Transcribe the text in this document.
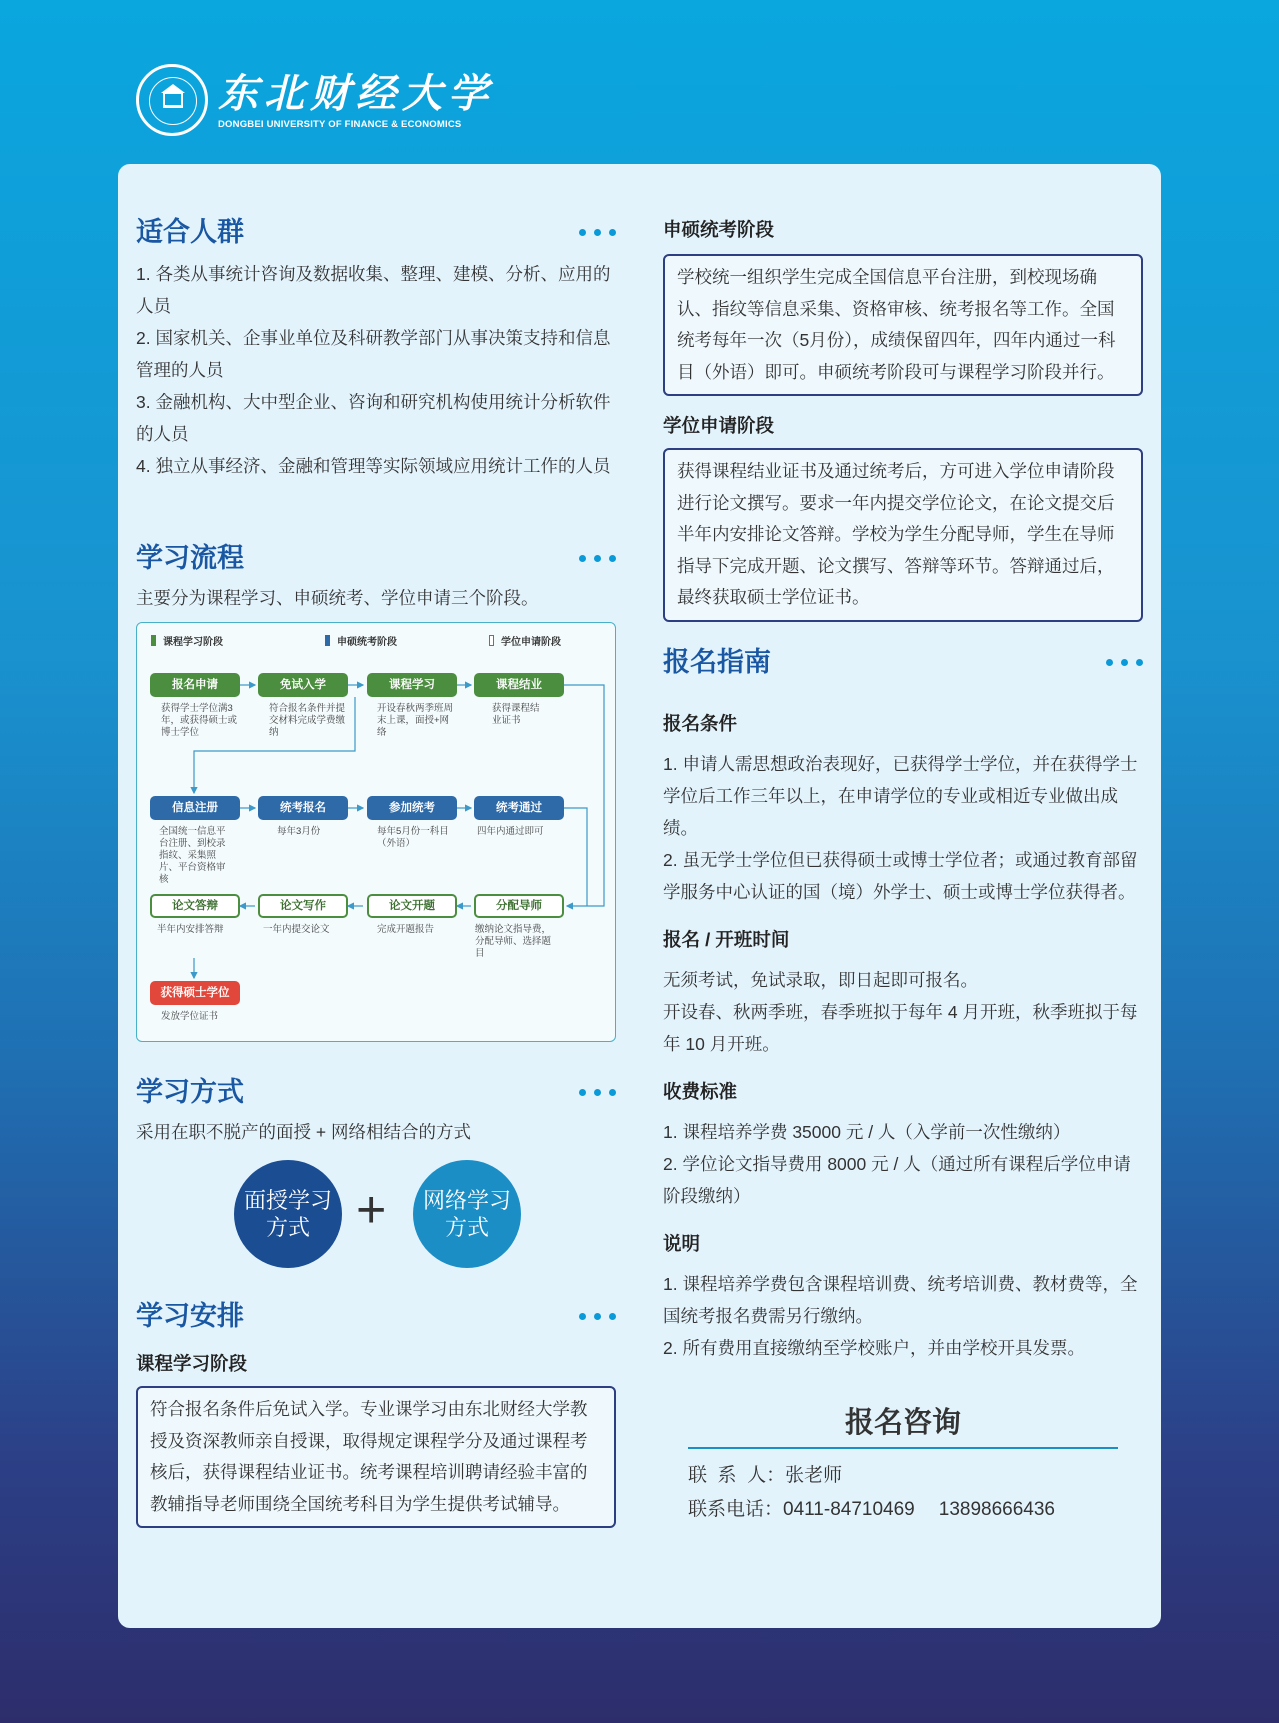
东北财经大学
DONGBEI UNIVERSITY OF FINANCE & ECONOMICS
适合人群
1. 各类从事统计咨询及数据收集、整理、建模、分析、应用的人员
2. 国家机关、企事业单位及科研教学部门从事决策支持和信息管理的人员
3. 金融机构、大中型企业、咨询和研究机构使用统计分析软件的人员
4. 独立从事经济、金融和管理等实际领域应用统计工作的人员
学习流程
主要分为课程学习、申硕统考、学位申请三个阶段。
课程学习阶段	申硕统考阶段	学位申请阶段
报名申请	免试入学	课程学习	课程结业
获得学士学位满3年，或获得硕士或博士学位
符合报名条件并提交材料完成学费缴纳
开设春秋两季班周末上课，面授+网络
获得课程结业证书
信息注册	统考报名	参加统考	统考通过
全国统一信息平台注册、到校录指纹、采集照片、平台资格审核
每年3月份	每年5月份一科目（外语）
四年内通过即可
论文答辩	论文写作	论文开题	分配导师
半年内安排答辩	一年内提交论文	完成开题报告	缴纳论文指导费，分配导师、选择题目
获得硕士学位
发放学位证书
学习方式
采用在职不脱产的面授 + 网络相结合的方式
面授学习
方式 + 网络学习
方式
学习安排
课程学习阶段
符合报名条件后免试入学。专业课学习由东北财经大学教授及资深教师亲自授课，取得规定课程学分及通过课程考核后，获得课程结业证书。统考课程培训聘请经验丰富的教辅指导老师围绕全国统考科目为学生提供考试辅导。
申硕统考阶段
学校统一组织学生完成全国信息平台注册，到校现场确认、指纹等信息采集、资格审核、统考报名等工作。全国统考每年一次（5月份），成绩保留四年，四年内通过一科目（外语）即可。申硕统考阶段可与课程学习阶段并行。
学位申请阶段
获得课程结业证书及通过统考后，方可进入学位申请阶段进行论文撰写。要求一年内提交学位论文，在论文提交后半年内安排论文答辩。学校为学生分配导师，学生在导师指导下完成开题、论文撰写、答辩等环节。答辩通过后，最终获取硕士学位证书。
报名指南
报名条件
1. 申请人需思想政治表现好，已获得学士学位，并在获得学士学位后工作三年以上，在申请学位的专业或相近专业做出成绩。
2. 虽无学士学位但已获得硕士或博士学位者；或通过教育部留学服务中心认证的国（境）外学士、硕士或博士学位获得者。
报名 / 开班时间
无须考试，免试录取，即日起即可报名。
开设春、秋两季班，春季班拟于每年 4 月开班，秋季班拟于每年 10 月开班。
收费标准
1. 课程培养学费 35000 元 / 人（入学前一次性缴纳）
2. 学位论文指导费用 8000 元 / 人（通过所有课程后学位申请阶段缴纳）
说明
1. 课程培养学费包含课程培训费、统考培训费、教材费等，全国统考报名费需另行缴纳。
2. 所有费用直接缴纳至学校账户，并由学校开具发票。
报名咨询
联  系  人：张老师
联系电话：0411-84710469 13898666436
